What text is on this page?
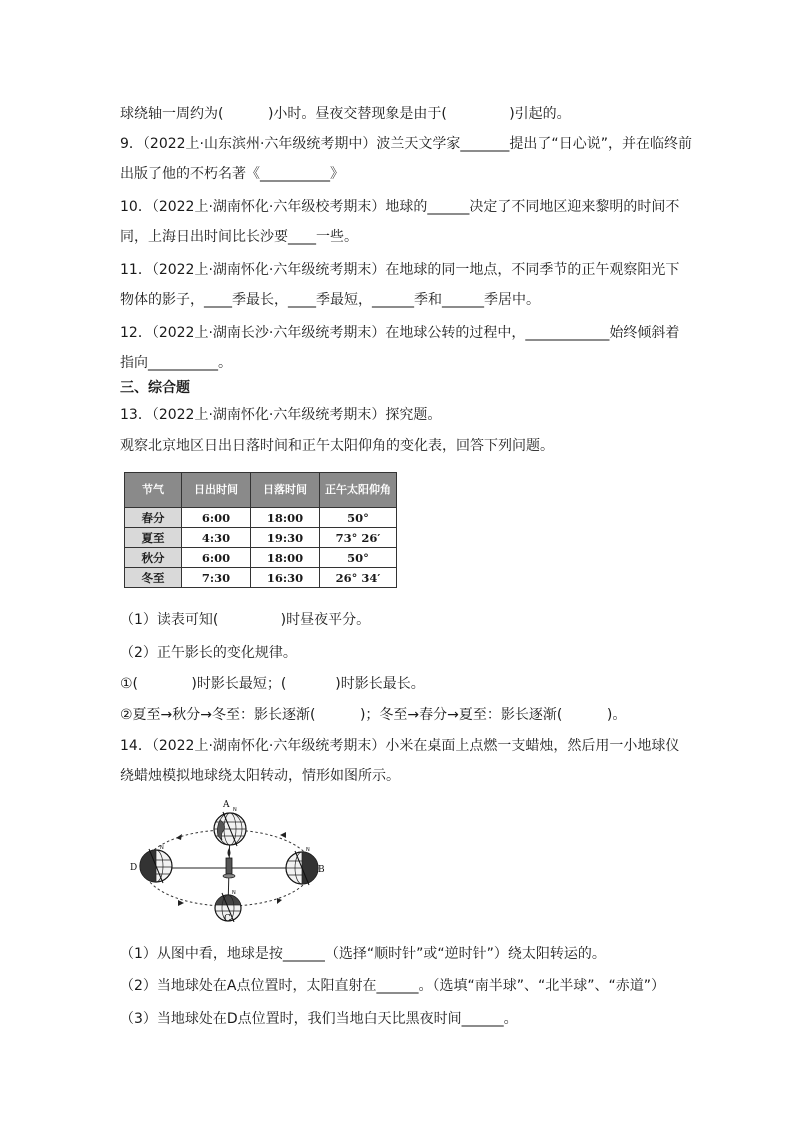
球绕轴一周约为(          )小时。昼夜交替现象是由于(              )引起的。
9．（2022上·山东滨州·六年级统考期中）波兰天文学家_______提出了“日心说”，并在临终前
出版了他的不朽名著《__________》
10．（2022上·湖南怀化·六年级校考期末）地球的______决定了不同地区迎来黎明的时间不
同，上海日出时间比长沙要____一些。
11．（2022上·湖南怀化·六年级统考期末）在地球的同一地点，不同季节的正午观察阳光下
物体的影子，____季最长，____季最短，______季和______季居中。
12．（2022上·湖南长沙·六年级统考期末）在地球公转的过程中，____________始终倾斜着
指向__________。
三、综合题
13．（2022上·湖南怀化·六年级统考期末）探究题。
观察北京地区日出日落时间和正午太阳仰角的变化表，回答下列问题。
节气	日出时间	日落时间	正午太阳仰角
春分	6:00	18:00	50°
夏至	4:30	19:30	73° 26′
秋分	6:00	18:00	50°
冬至	7:30	16:30	26° 34′
（1）读表可知(              )时昼夜平分。
（2）正午影长的变化规律。
①(            )时影长最短；(           )时影长最长。
②夏至→秋分→冬至：影长逐渐(          )；冬至→春分→夏至：影长逐渐(          )。
14．（2022上·湖南怀化·六年级统考期末）小米在桌面上点燃一支蜡烛，然后用一小地球仪
绕蜡烛模拟地球绕太阳转动，情形如图所示。
A
B
C
D
N
N
N
N
（1）从图中看，地球是按______（选择“顺时针”或“逆时针”）绕太阳转运的。
（2）当地球处在A点位置时，太阳直射在______。（选填“南半球”、“北半球”、“赤道”）
（3）当地球处在D点位置时，我们当地白天比黑夜时间______。
